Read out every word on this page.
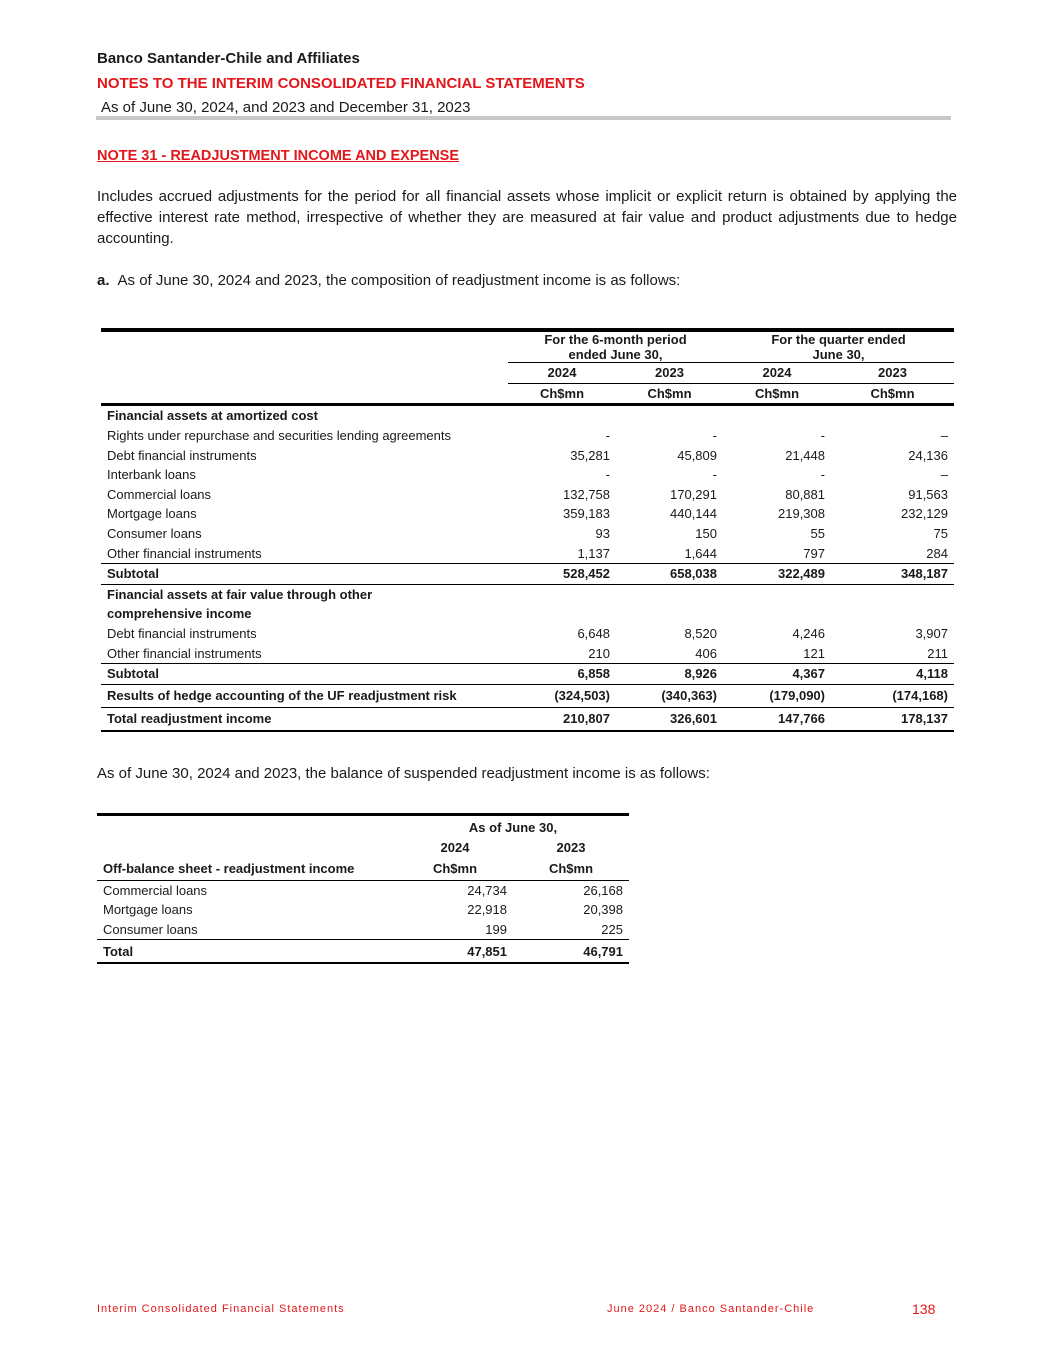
Banco Santander-Chile and Affiliates
NOTES TO THE INTERIM CONSOLIDATED FINANCIAL STATEMENTS
As of June 30, 2024, and 2023 and December 31, 2023
NOTE 31 - READJUSTMENT INCOME AND EXPENSE
Includes accrued adjustments for the period for all financial assets whose implicit or explicit return is obtained by applying the effective interest rate method, irrespective of whether they are measured at fair value and product adjustments due to hedge accounting.
a. As of June 30, 2024 and 2023, the composition of readjustment income is as follows:

	For the 6-month period
ended June 30,		For the quarter ended
June 30,	
	2024	2023	2024	2023
	Ch$mn	Ch$mn	Ch$mn	Ch$mn
Financial assets at amortized cost				
Rights under repurchase and securities lending agreements	-	-	-	–
Debt financial instruments	35,281	45,809	21,448	24,136
Interbank loans	-	-	-	–
Commercial loans	132,758	170,291	80,881	91,563
Mortgage loans	359,183	440,144	219,308	232,129
Consumer loans	93	150	55	75
Other financial instruments	1,137	1,644	797	284
Subtotal	528,452	658,038	322,489	348,187
Financial assets at fair value through other				
comprehensive income				
Debt financial instruments	6,648	8,520	4,246	3,907
Other financial instruments	210	406	121	211
Subtotal	6,858	8,926	4,367	4,118
Results of hedge accounting of the UF readjustment risk	(324,503)	(340,363)	(179,090)	(174,168)
Total readjustment income	210,807	326,601	147,766	178,137
As of June 30, 2024 and 2023, the balance of suspended readjustment income is as follows:

	As of June 30,	
	2024	2023
Off-balance sheet - readjustment income	Ch$mn	Ch$mn
Commercial loans	24,734	26,168
Mortgage loans	22,918	20,398
Consumer loans	199	225
Total	47,851	46,791
Interim Consolidated Financial Statements	June 2024 / Banco Santander-Chile	138
